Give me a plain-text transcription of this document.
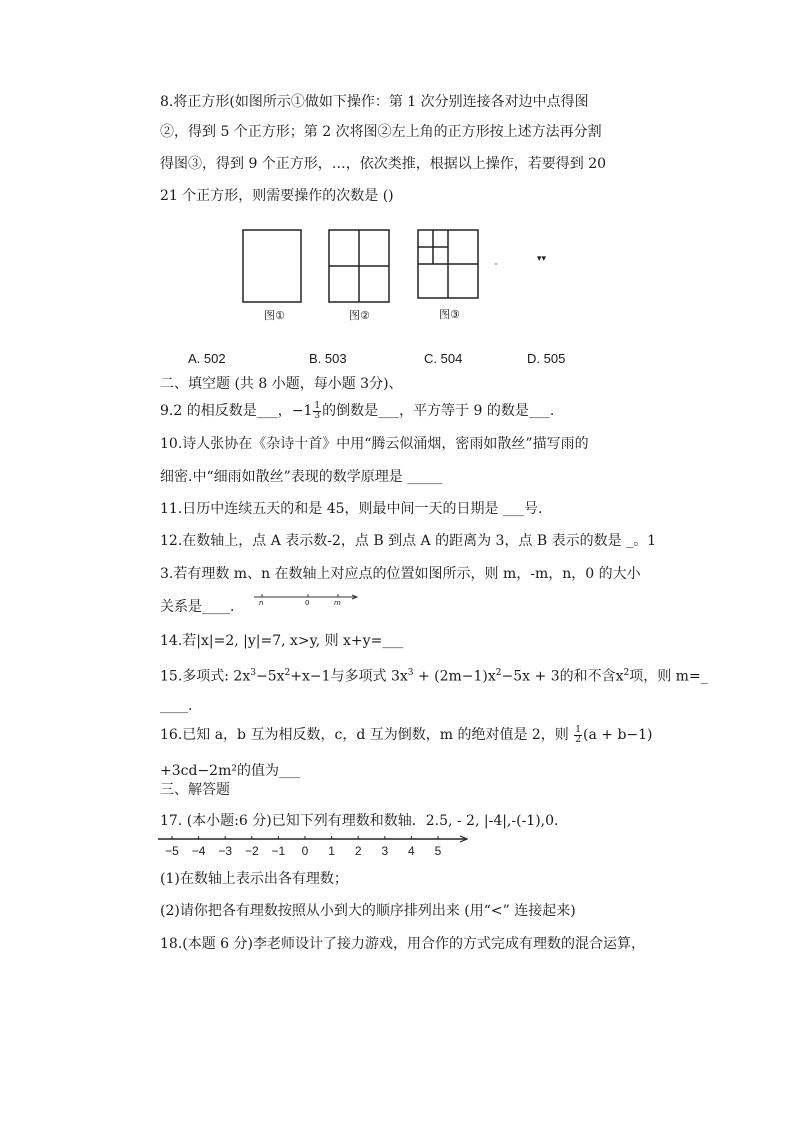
8.将正方形(如图所示①做如下操作：第 1 次分别连接各对边中点得图
②，得到 5 个正方形；第 2 次将图②左上角的正方形按上述方法再分割
得图③，得到 9 个正方形，…，依次类推，根据以上操作，若要得到 20
21 个正方形，则需要操作的次数是 ()
▾▾
图①	图②	图③
A. 502	B. 503	C. 504	D. 505
二、填空题 (共 8 小题，每小题 3分)、
9.2 的相反数是___，$-1 \frac{1}{3}$ 的倒数是___，平方等于 9 的数是___.
10.诗人张协在《杂诗十首》中用“腾云似涌烟，密雨如散丝”描写雨的
细密.中“细雨如散丝”表现的数学原理是 _____
11.日历中连续五天的和是 45，则最中间一天的日期是 ___号.
12.在数轴上，点 A 表示数-2，点 B 到点 A 的距离为 3，点 B 表示的数是 _。1
3.若有理数 m、n 在数轴上对应点的位置如图所示，则 m，-m，n，0 的大小
关系是____.	n	0	m
14.若|x|=2, |y|=7, x>y, 则 x+y=___
15.多项式: $2x^3-5x^2+x-1$与多项式 $3x^3 + (2m-1)x^2-5x + 3$的和不含$x^2$项，则 m=_
____.
16.已知 a，b 互为相反数，c，d 互为倒数，m 的绝对值是 2，则 $\frac{1}{2} (a + b-1)$
+3cd−2m²的值为___
三、解答题
17. (本小题:6 分)已知下列有理数和数轴．2.5, - 2, |-4|,-(-1),0.
−5 −4 −3 −2 −1 0 1 2 3 4 5
(1)在数轴上表示出各有理数；
(2)请你把各有理数按照从小到大的顺序排列出来 (用“<” 连接起来)
18.(本题 6 分)李老师设计了接力游戏，用合作的方式完成有理数的混合运算，
